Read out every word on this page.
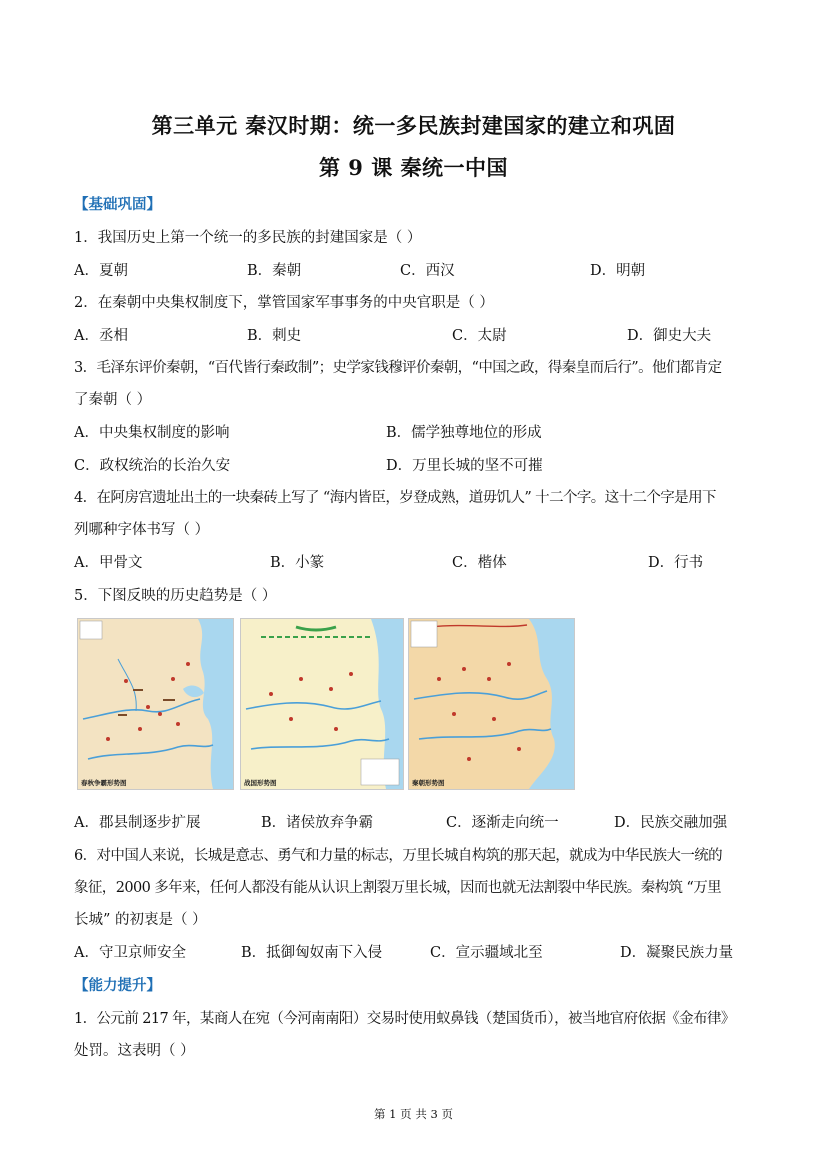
第三单元 秦汉时期：统一多民族封建国家的建立和巩固
第 9 课 秦统一中国
【基础巩固】
1．我国历史上第一个统一的多民族的封建国家是（ ）
A．夏朝	B．秦朝	C．西汉	D．明朝
2．在秦朝中央集权制度下，掌管国家军事事务的中央官职是（ ）
A．丞相	B．刺史	C．太尉	D．御史大夫
3．毛泽东评价秦朝，“百代皆行秦政制”；史学家钱穆评价秦朝，“中国之政，得秦皇而后行”。他们都肯定
了秦朝（ ）
A．中央集权制度的影响	B．儒学独尊地位的形成
C．政权统治的长治久安	D．万里长城的坚不可摧
4．在阿房宫遗址出土的一块秦砖上写了 “海内皆臣，岁登成熟，道毋饥人” 十二个字。这十二个字是用下
列哪种字体书写（ ）
A．甲骨文	B．小篆	C．楷体	D．行书
5．下图反映的历史趋势是（ ）
春秋争霸形势图	战国形势图	秦朝形势图
A．郡县制逐步扩展	B．诸侯放弃争霸	C．逐渐走向统一	D．民族交融加强
6．对中国人来说，长城是意志、勇气和力量的标志，万里长城自构筑的那天起，就成为中华民族大一统的
象征，2000 多年来，任何人都没有能从认识上割裂万里长城，因而也就无法割裂中华民族。秦构筑 “万里
长城” 的初衷是（ ）
A．守卫京师安全	B．抵御匈奴南下入侵	C．宣示疆域北至	D．凝聚民族力量
【能力提升】
1．公元前 217 年，某商人在宛（今河南南阳）交易时使用蚁鼻钱（楚国货币），被当地官府依据《金布律》
处罚。这表明（ ）
第 1 页 共 3 页
